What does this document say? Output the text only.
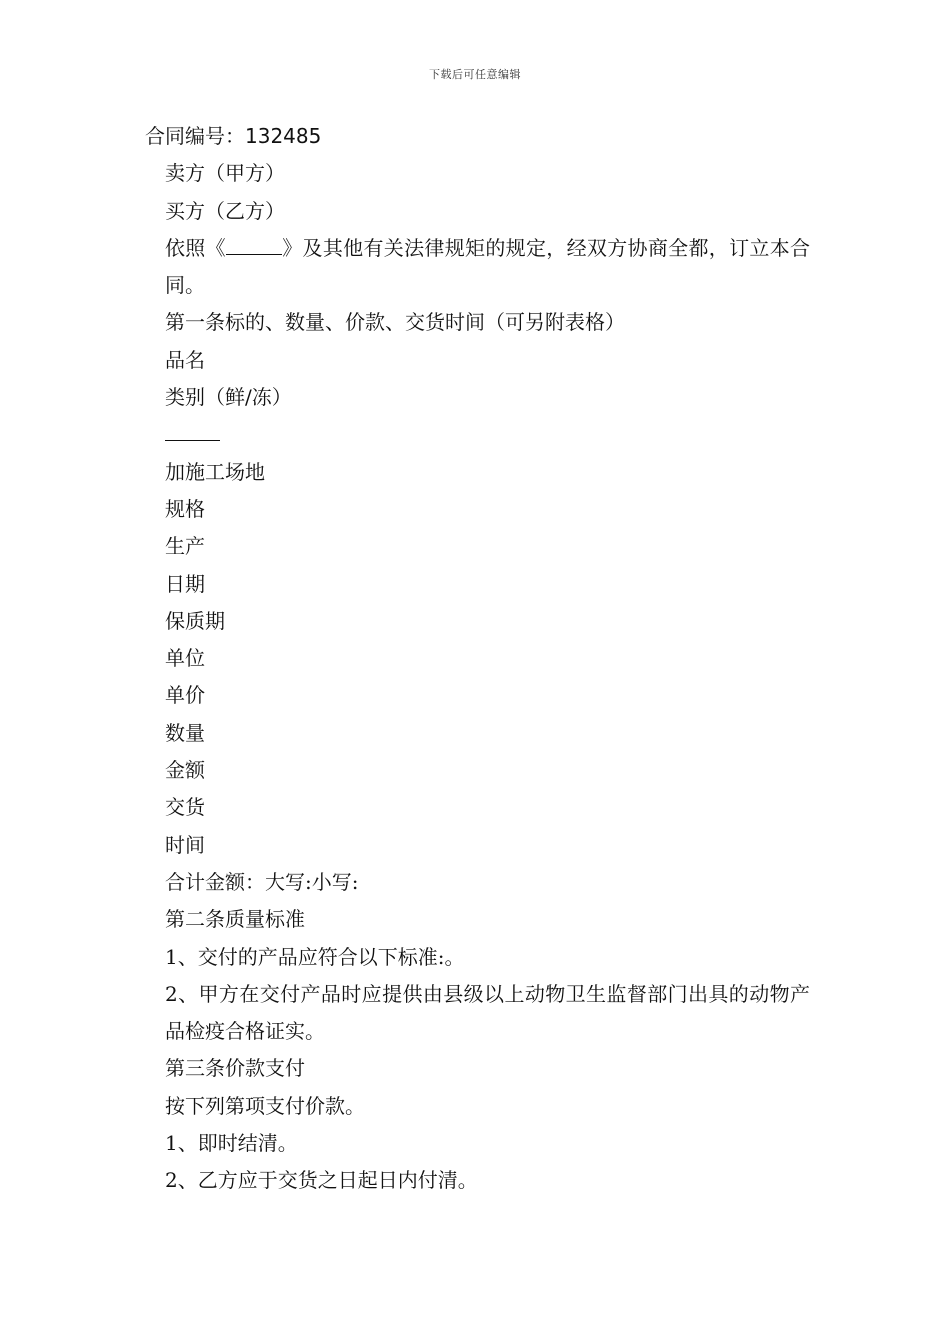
下载后可任意编辑
合同编号：132485
卖方（甲方）
买方（乙方）
依照《	》及其他有关法律规矩的规定，经双方协商全都，订立本合同。
第一条标的、数量、价款、交货时间（可另附表格）
品名
类别（鲜/冻）
加施工场地
规格
生产
日期
保质期
单位
单价
数量
金额
交货
时间
合计金额：大写:小写:
第二条质量标准
1、交付的产品应符合以下标准:。
2、甲方在交付产品时应提供由县级以上动物卫生监督部门出具的动物产品检疫合格证实。
第三条价款支付
按下列第项支付价款。
1、即时结清。
2、乙方应于交货之日起日内付清。
